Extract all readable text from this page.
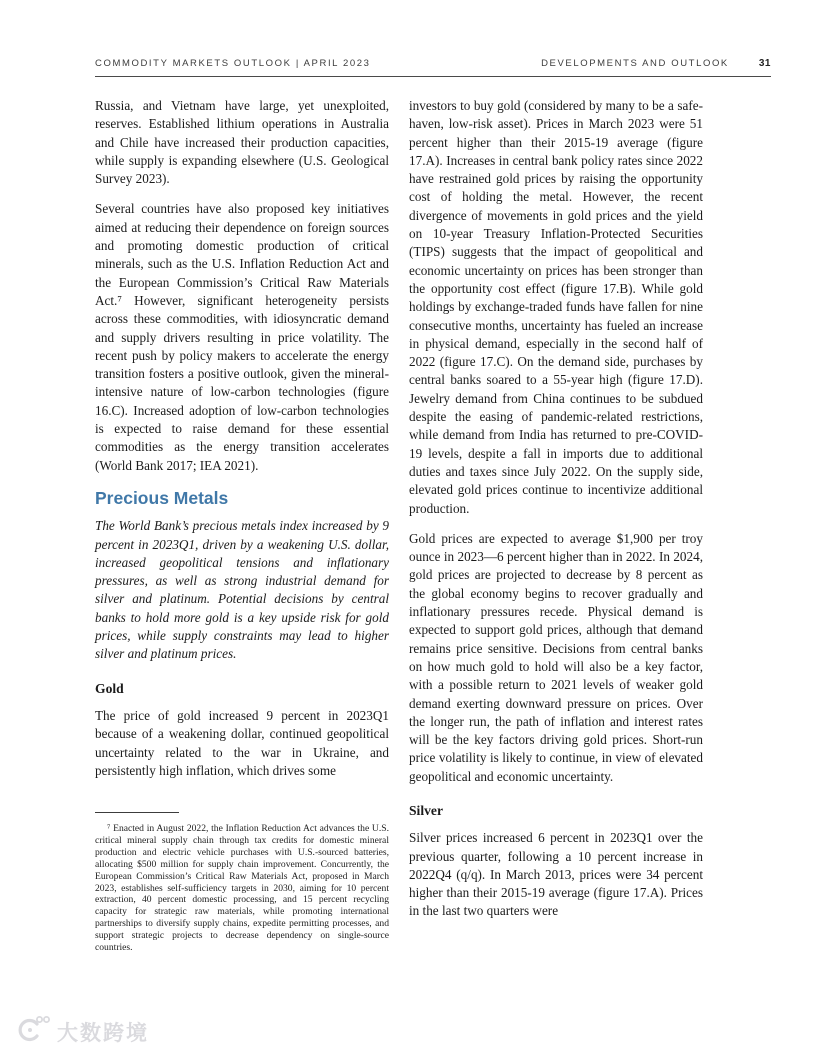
COMMODITY MARKETS OUTLOOK | APRIL 2023	DEVELOPMENTS AND OUTLOOK	31

Russia, and Vietnam have large, yet unexploited, reserves. Established lithium operations in Australia and Chile have increased their production capacities, while supply is expanding elsewhere (U.S. Geological Survey 2023).

Several countries have also proposed key initiatives aimed at reducing their dependence on foreign sources and promoting domestic production of critical minerals, such as the U.S. Inflation Reduction Act and the European Commission’s Critical Raw Materials Act.⁷ However, significant heterogeneity persists across these commodities, with idiosyncratic demand and supply drivers resulting in price volatility. The recent push by policy makers to accelerate the energy transition fosters a positive outlook, given the mineral-intensive nature of low-carbon technologies (figure 16.C). Increased adoption of low-carbon technologies is expected to raise demand for these essential commodities as the energy transition accelerates (World Bank 2017; IEA 2021).

Precious Metals

The World Bank’s precious metals index increased by 9 percent in 2023Q1, driven by a weakening U.S. dollar, increased geopolitical tensions and inflationary pressures, as well as strong industrial demand for silver and platinum. Potential decisions by central banks to hold more gold is a key upside risk for gold prices, while supply constraints may lead to higher silver and platinum prices.

Gold

The price of gold increased 9 percent in 2023Q1 because of a weakening dollar, continued geopolitical uncertainty related to the war in Ukraine, and persistently high inflation, which drives some

investors to buy gold (considered by many to be a safe-haven, low-risk asset). Prices in March 2023 were 51 percent higher than their 2015-19 average (figure 17.A). Increases in central bank policy rates since 2022 have restrained gold prices by raising the opportunity cost of holding the metal. However, the recent divergence of movements in gold prices and the yield on 10-year Treasury Inflation-Protected Securities (TIPS) suggests that the impact of geopolitical and economic uncertainty on prices has been stronger than the opportunity cost effect (figure 17.B). While gold holdings by exchange-traded funds have fallen for nine consecutive months, uncertainty has fueled an increase in physical demand, especially in the second half of 2022 (figure 17.C). On the demand side, purchases by central banks soared to a 55-year high (figure 17.D). Jewelry demand from China continues to be subdued despite the easing of pandemic-related restrictions, while demand from India has returned to pre-COVID-19 levels, despite a fall in imports due to additional duties and taxes since July 2022. On the supply side, elevated gold prices continue to incentivize additional production.

Gold prices are expected to average $1,900 per troy ounce in 2023—6 percent higher than in 2022. In 2024, gold prices are projected to decrease by 8 percent as the global economy begins to recover gradually and inflationary pressures recede. Physical demand is expected to support gold prices, although that demand remains price sensitive. Decisions from central banks on how much gold to hold will also be a key factor, with a possible return to 2021 levels of weaker gold demand exerting downward pressure on prices. Over the longer run, the path of inflation and interest rates will be the key factors driving gold prices. Short-run price volatility is likely to continue, in view of elevated geopolitical and economic uncertainty.

Silver

Silver prices increased 6 percent in 2023Q1 over the previous quarter, following a 10 percent increase in 2022Q4 (q/q). In March 2013, prices were 34 percent higher than their 2015-19 average (figure 17.A). Prices in the last two quarters were

⁷ Enacted in August 2022, the Inflation Reduction Act advances the U.S. critical mineral supply chain through tax credits for domestic mineral production and electric vehicle purchases with U.S.-sourced batteries, allocating $500 million for supply chain improvement. Concurrently, the European Commission’s Critical Raw Materials Act, proposed in March 2023, establishes self-sufficiency targets in 2030, aiming for 10 percent extraction, 40 percent domestic processing, and 15 percent recycling capacity for strategic raw materials, while promoting international partnerships to diversify supply chains, expedite permitting processes, and support strategic projects to decrease dependency on single-source countries.

大数跨境
